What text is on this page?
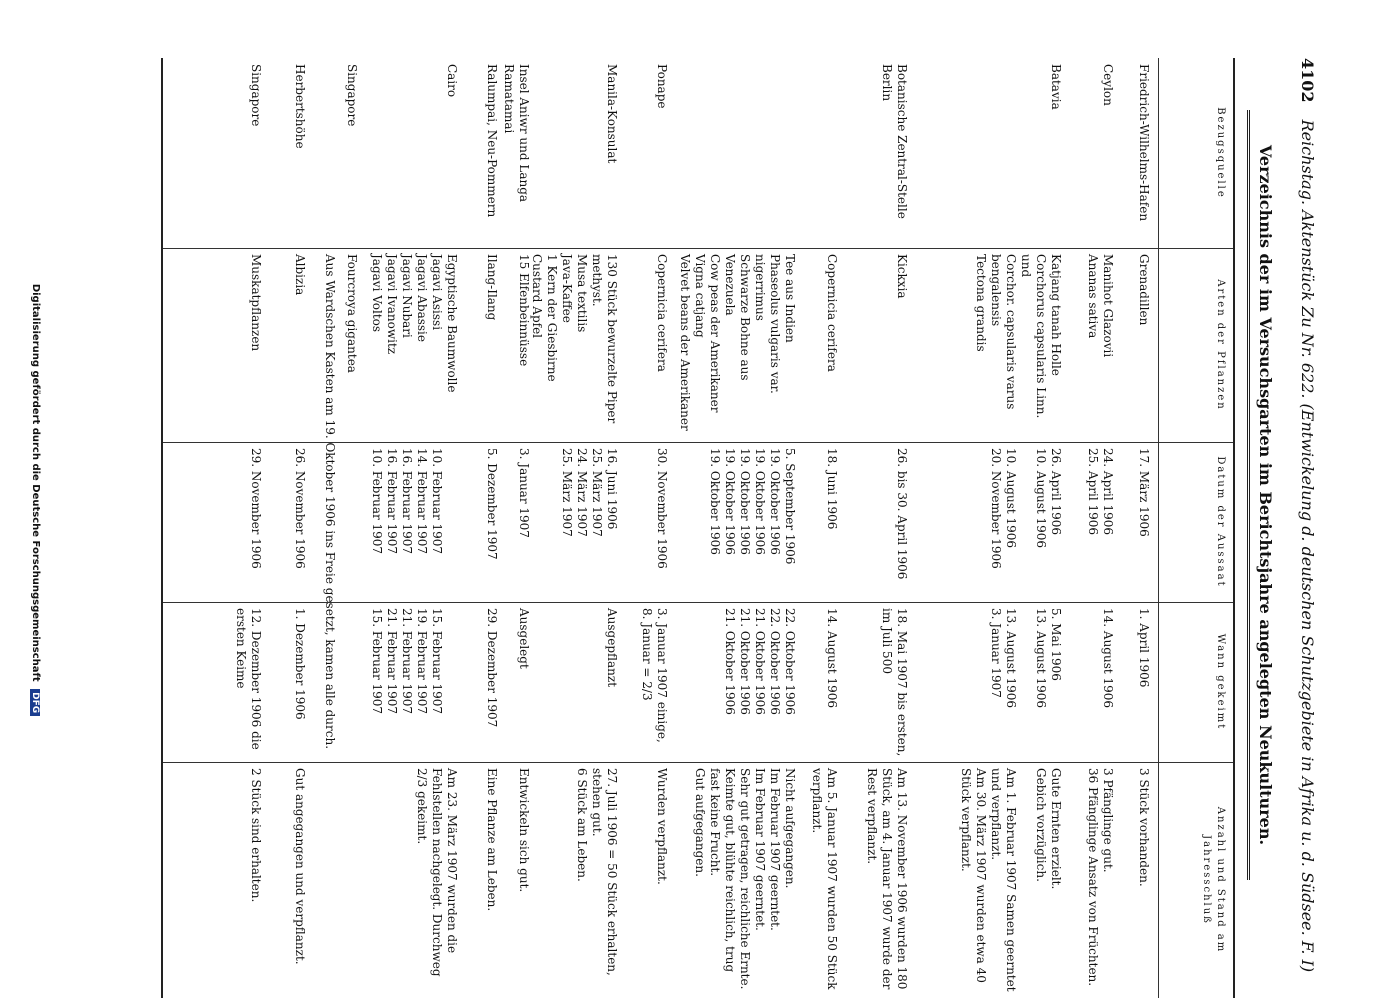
4102 Reichstag. Aktenstück Zu Nr. 622. (Entwickelung d. deutschen Schutzgebiete in Afrika u. d. Südsee. F. I)
Verzeichnis der im Versuchsgarten im Berichtsjahre angelegten Neukulturen.
Bezugsquelle
Arten der Pflanzen
Datum der Aussaat
Wann gekeimt
Anzahl und Stand am Jahresschluß
Friedrich-Wilhelms-Hafen
Grenadillen
17. März 1906
1. April 1906
3 Stück vorhanden.
Ceylon
Manihot Glazovii
Ananas sativa
24. April 1906
25. April 1906
14. August 1906
3 Pfänglinge gut.
36 Pfänglinge Ansatz von Früchten.
Batavia
Katjang tanah Holle
Corchorus capsularis Linn.
und
Corchor. capsularis varus bengalensis
Tectona grandis
26. April 1906
10. August 1906

10. August 1906
20. November 1906
5. Mai 1906
13. August 1906

13. August 1906
3. Januar 1907
Gute Ernten erzielt.
Gebich vorzüglich.

Am 1. Februar 1907 Samen geerntet und verpflanzt.
Am 30. März 1907 wurden etwa 40 Stück verpflanzt.
Botanische Zentral-Stelle Berlin
Kickxia
26. bis 30. April 1906
18. Mai 1907 bis ersten, im Juli 500
Am 13. November 1906 wurden 180 Stück, am 4. Januar 1907 wurde der Rest verpflanzt.
Copernicia cerifera
18. Juni 1906
14. August 1906
Am 5. Januar 1907 wurden 50 Stück verpflanzt.
Tee aus Indien
Phaseolus vulgaris var. nigerrimus
Schwarze Bohne aus Venezuela
Cow peas der Amerikaner
Vigna catjang
Velvet beans der Amerikaner
5. September 1906
19. Oktober 1906
19. Oktober 1906
19. Oktober 1906
19. Oktober 1906
19. Oktober 1906
22. Oktober 1906
22. Oktober 1906
21. Oktober 1906
21. Oktober 1906
21. Oktober 1906
Nicht aufgegangen.
Im Februar 1907 geerntet.
Im Februar 1907 geerntet.
Sehr gut getragen, reichliche Ernte.
Keimte gut, blühte reichlich, trug fast keine Frucht.
Gut aufgegangen.
Ponape
Copernicia cerifera
30. November 1906
3. Januar 1907 einige, 8. Januar = 2/3
Wurden verpflanzt.
Manila-Konsulat
130 Stück bewurzelte Piper methyst.
Musa textilis
Java-Kaffee
1 Kern der Giesbirne
Custard Apfel
16. Juni 1906
25. März 1907
24. März 1907
25. März 1907
Ausgepflanzt
27. Juli 1906 = 50 Stück erhalten, stehen gut.
6 Stück am Leben.
Insel Aniwr und Langa Ramatamai
15 Elfenbeinnüsse
3. Januar 1907
Ausgelegt
Entwickeln sich gut.
Ralumpai, Neu-Pommern
Ilang-Ilang
5. Dezember 1907
29. Dezember 1907
Eine Pflanze am Leben.
Cairo
Egyptische Baumwolle
Jagavi Asissi
Jagavi Abassie
Jagavi Nubari
Jagavi Ivanowitz
Jagavi Voltos

10. Februar 1907
14. Februar 1907
16. Februar 1907
16. Februar 1907
10. Februar 1907

15. Februar 1907
19. Februar 1907
21. Februar 1907
21. Februar 1907
15. Februar 1907
Am 23. März 1907 wurden die Fehlstellen nachgelegt. Durchweg 2/3 gekeimt.
Singapore
Fourcroya gigantea
Aus Wardschen Kasten am 19. Oktober 1906 ins Freie gesetzt, kamen alle durch.
Herbertshöhe
Albizia
26. November 1906
1. Dezember 1906
Gut angegangen und verpflanzt.
Singapore
Muskatpflanzen
29. November 1906
12. Dezember 1906 die ersten Keime
2 Stück sind erhalten.
Digitalisierung gefördert durch die Deutsche Forschungsgemeinschaft DFG
